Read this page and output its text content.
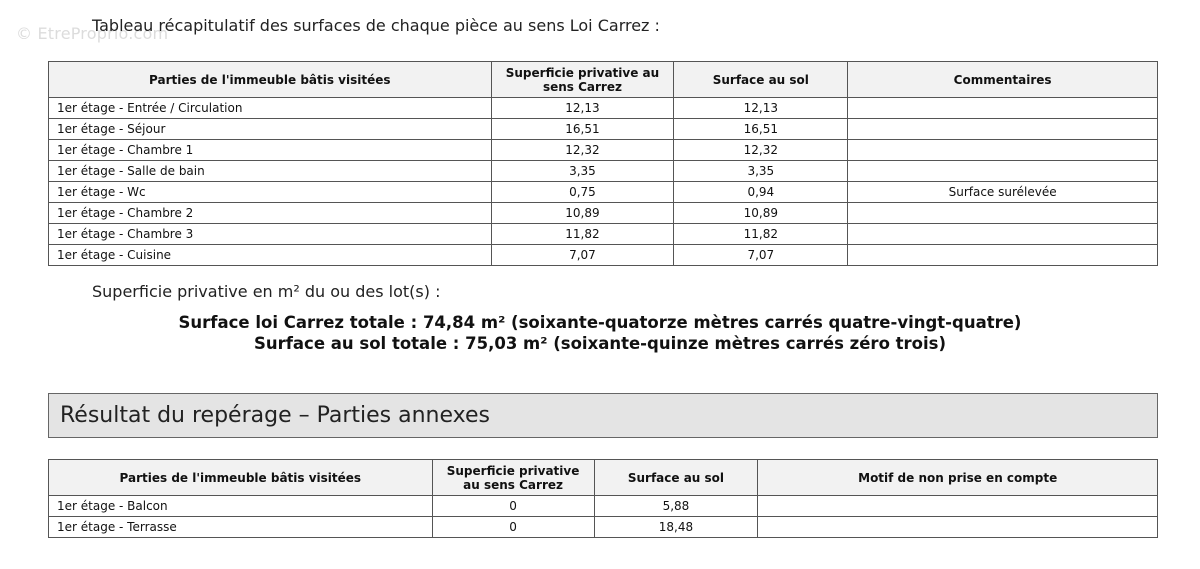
© EtreProprio.com
Tableau récapitulatif des surfaces de chaque pièce au sens Loi Carrez :
Parties de l'immeuble bâtis visitées	Superficie privative au sens Carrez	Surface au sol	Commentaires
1er étage - Entrée / Circulation	12,13	12,13	
1er étage - Séjour	16,51	16,51	
1er étage - Chambre 1	12,32	12,32	
1er étage - Salle de bain	3,35	3,35	
1er étage - Wc	0,75	0,94	Surface surélevée
1er étage - Chambre 2	10,89	10,89	
1er étage - Chambre 3	11,82	11,82	
1er étage - Cuisine	7,07	7,07	
Superficie privative en m² du ou des lot(s) :
Surface loi Carrez totale : 74,84 m² (soixante-quatorze mètres carrés quatre-vingt-quatre)
Surface au sol totale : 75,03 m² (soixante-quinze mètres carrés zéro trois)
Résultat du repérage – Parties annexes
Parties de l'immeuble bâtis visitées	Superficie privative au sens Carrez	Surface au sol	Motif de non prise en compte
1er étage - Balcon	0	5,88	
1er étage - Terrasse	0	18,48	
